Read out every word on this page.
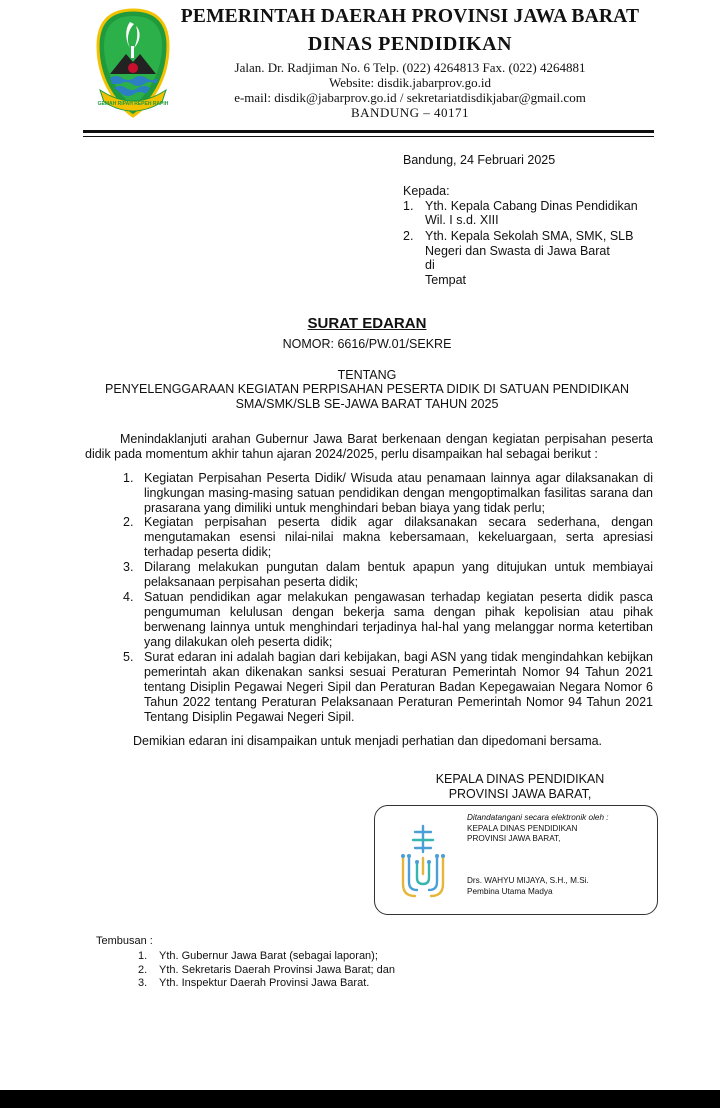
GEMAH RIPAH REPEH RAPIH
PEMERINTAH DAERAH PROVINSI JAWA BARAT
DINAS PENDIDIKAN
Jalan. Dr. Radjiman No. 6 Telp. (022) 4264813 Fax. (022) 4264881
Website: disdik.jabarprov.go.id
e-mail: disdik@jabarprov.go.id / sekretariatdisdikjabar@gmail.com
BANDUNG – 40171
Bandung, 24 Februari 2025
Kepada:
1. Yth. Kepala Cabang Dinas Pendidikan
Wil. I s.d. XIII
2. Yth. Kepala Sekolah SMA, SMK, SLB
Negeri dan Swasta di Jawa Barat
di
Tempat
SURAT EDARAN
NOMOR: 6616/PW.01/SEKRE
TENTANG
PENYELENGGARAAN KEGIATAN PERPISAHAN PESERTA DIDIK DI SATUAN PENDIDIKAN
SMA/SMK/SLB SE-JAWA BARAT TAHUN 2025

Menindaklanjuti arahan Gubernur Jawa Barat berkenaan dengan kegiatan perpisahan peserta didik pada momentum akhir tahun ajaran 2024/2025, perlu disampaikan hal sebagai berikut :

1. Kegiatan Perpisahan Peserta Didik/ Wisuda atau penamaan lainnya agar dilaksanakan di lingkungan masing-masing satuan pendidikan dengan mengoptimalkan fasilitas sarana dan prasarana yang dimiliki untuk menghindari beban biaya yang tidak perlu;
2. Kegiatan perpisahan peserta didik agar dilaksanakan secara sederhana, dengan mengutamakan esensi nilai-nilai makna kebersamaan, kekeluargaan, serta apresiasi terhadap peserta didik;
3. Dilarang melakukan pungutan dalam bentuk apapun yang ditujukan untuk membiayai pelaksanaan perpisahan peserta didik;
4. Satuan pendidikan agar melakukan pengawasan terhadap kegiatan peserta didik pasca pengumuman kelulusan dengan bekerja sama dengan pihak kepolisian atau pihak berwenang lainnya untuk menghindari terjadinya hal-hal yang melanggar norma ketertiban yang dilakukan oleh peserta didik;
5. Surat edaran ini adalah bagian dari kebijakan, bagi ASN yang tidak mengindahkan kebijkan pemerintah akan dikenakan sanksi sesuai Peraturan Pemerintah Nomor 94 Tahun 2021 tentang Disiplin Pegawai Negeri Sipil dan Peraturan Badan Kepegawaian Negara Nomor 6 Tahun 2022 tentang Peraturan Pelaksanaan Peraturan Pemerintah Nomor 94 Tahun 2021 Tentang Disiplin Pegawai Negeri Sipil.
Demikian edaran ini disampaikan untuk menjadi perhatian dan dipedomani bersama.
KEPALA DINAS PENDIDIKAN
PROVINSI JAWA BARAT,
Ditandatangani secara elektronik oleh :
KEPALA DINAS PENDIDIKAN
PROVINSI JAWA BARAT,
Drs. WAHYU MIJAYA, S.H., M.Si.
Pembina Utama Madya
Tembusan :
1. Yth. Gubernur Jawa Barat (sebagai laporan);
2. Yth. Sekretaris Daerah Provinsi Jawa Barat; dan
3. Yth. Inspektur Daerah Provinsi Jawa Barat.
